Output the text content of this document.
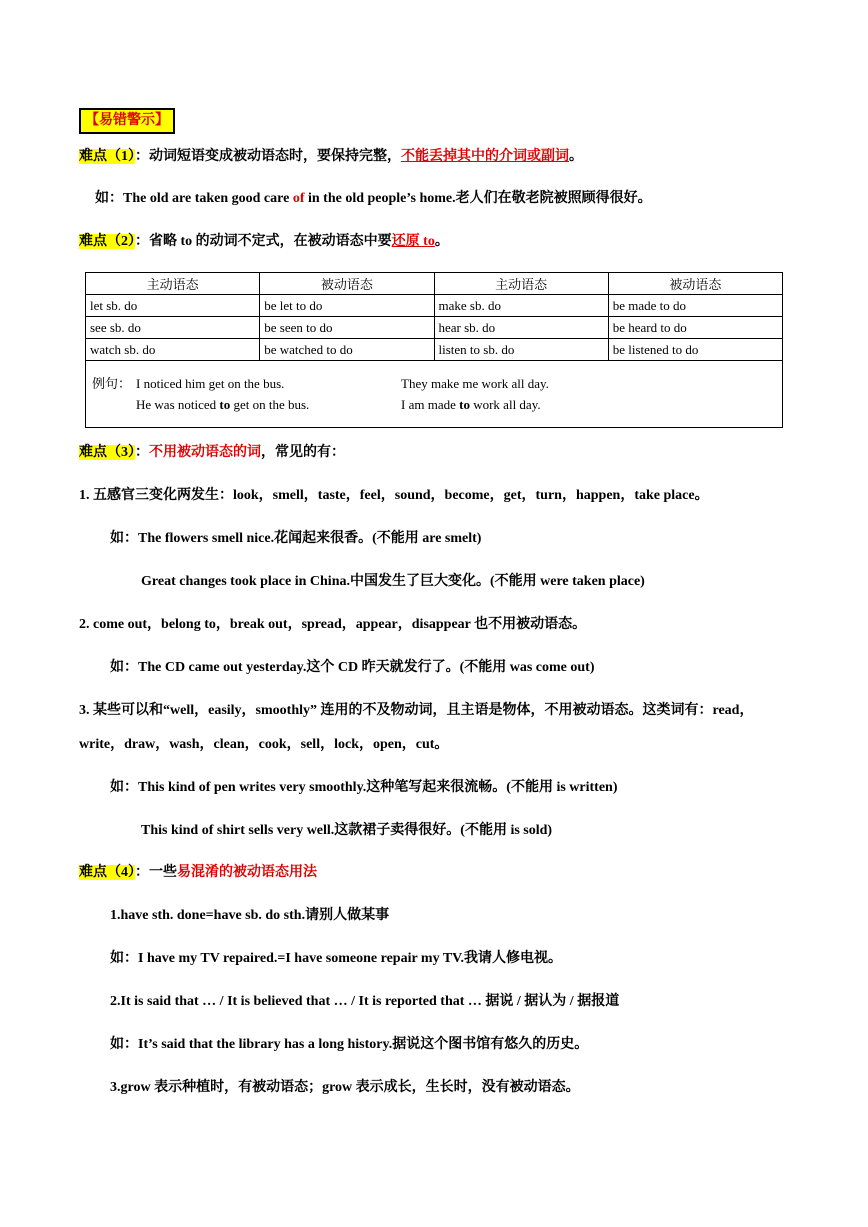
【易错警示】
难点（1）：动词短语变成被动语态时，要保持完整，不能丢掉其中的介词或副词。
如：The old are taken good care of in the old people’s home.老人们在敬老院被照顾得很好。
难点（2）：省略 to 的动词不定式，在被动语态中要还原 to。
主动语态	被动语态	主动语态	被动语态
let sb. do	be let to do	make sb. do	be made to do
see sb. do	be seen to do	hear sb. do	be heard to do
watch sb. do	be watched to do	listen to sb. do	be listened to do

例句： I noticed him get on the bus. They make me work all day.
He was noticed to get on the bus. I am made to work all day.			
难点（3）：不用被动语态的词，常见的有：
1. 五感官三变化两发生：look，smell，taste，feel，sound，become，get，turn，happen，take place。
如：The flowers smell nice.花闻起来很香。(不能用 are smelt)
Great changes took place in China.中国发生了巨大变化。(不能用 were taken place)
2. come out，belong to，break out，spread，appear，disappear 也不用被动语态。
如：The CD came out yesterday.这个 CD 昨天就发行了。(不能用 was come out)
3. 某些可以和“well，easily，smoothly” 连用的不及物动词，且主语是物体，不用被动语态。这类词有：read，
write，draw，wash，clean，cook，sell，lock，open，cut。
如：This kind of pen writes very smoothly.这种笔写起来很流畅。(不能用 is written)
This kind of shirt sells very well.这款裙子卖得很好。(不能用 is sold)
难点（4）：一些易混淆的被动语态用法
1.have sth. done=have sb. do sth.请别人做某事
如：I have my TV repaired.=I have someone repair my TV.我请人修电视。
2.It is said that … / It is believed that … / It is reported that … 据说 / 据认为 / 据报道
如：It’s said that the library has a long history.据说这个图书馆有悠久的历史。
3.grow 表示种植时，有被动语态；grow 表示成长，生长时，没有被动语态。
